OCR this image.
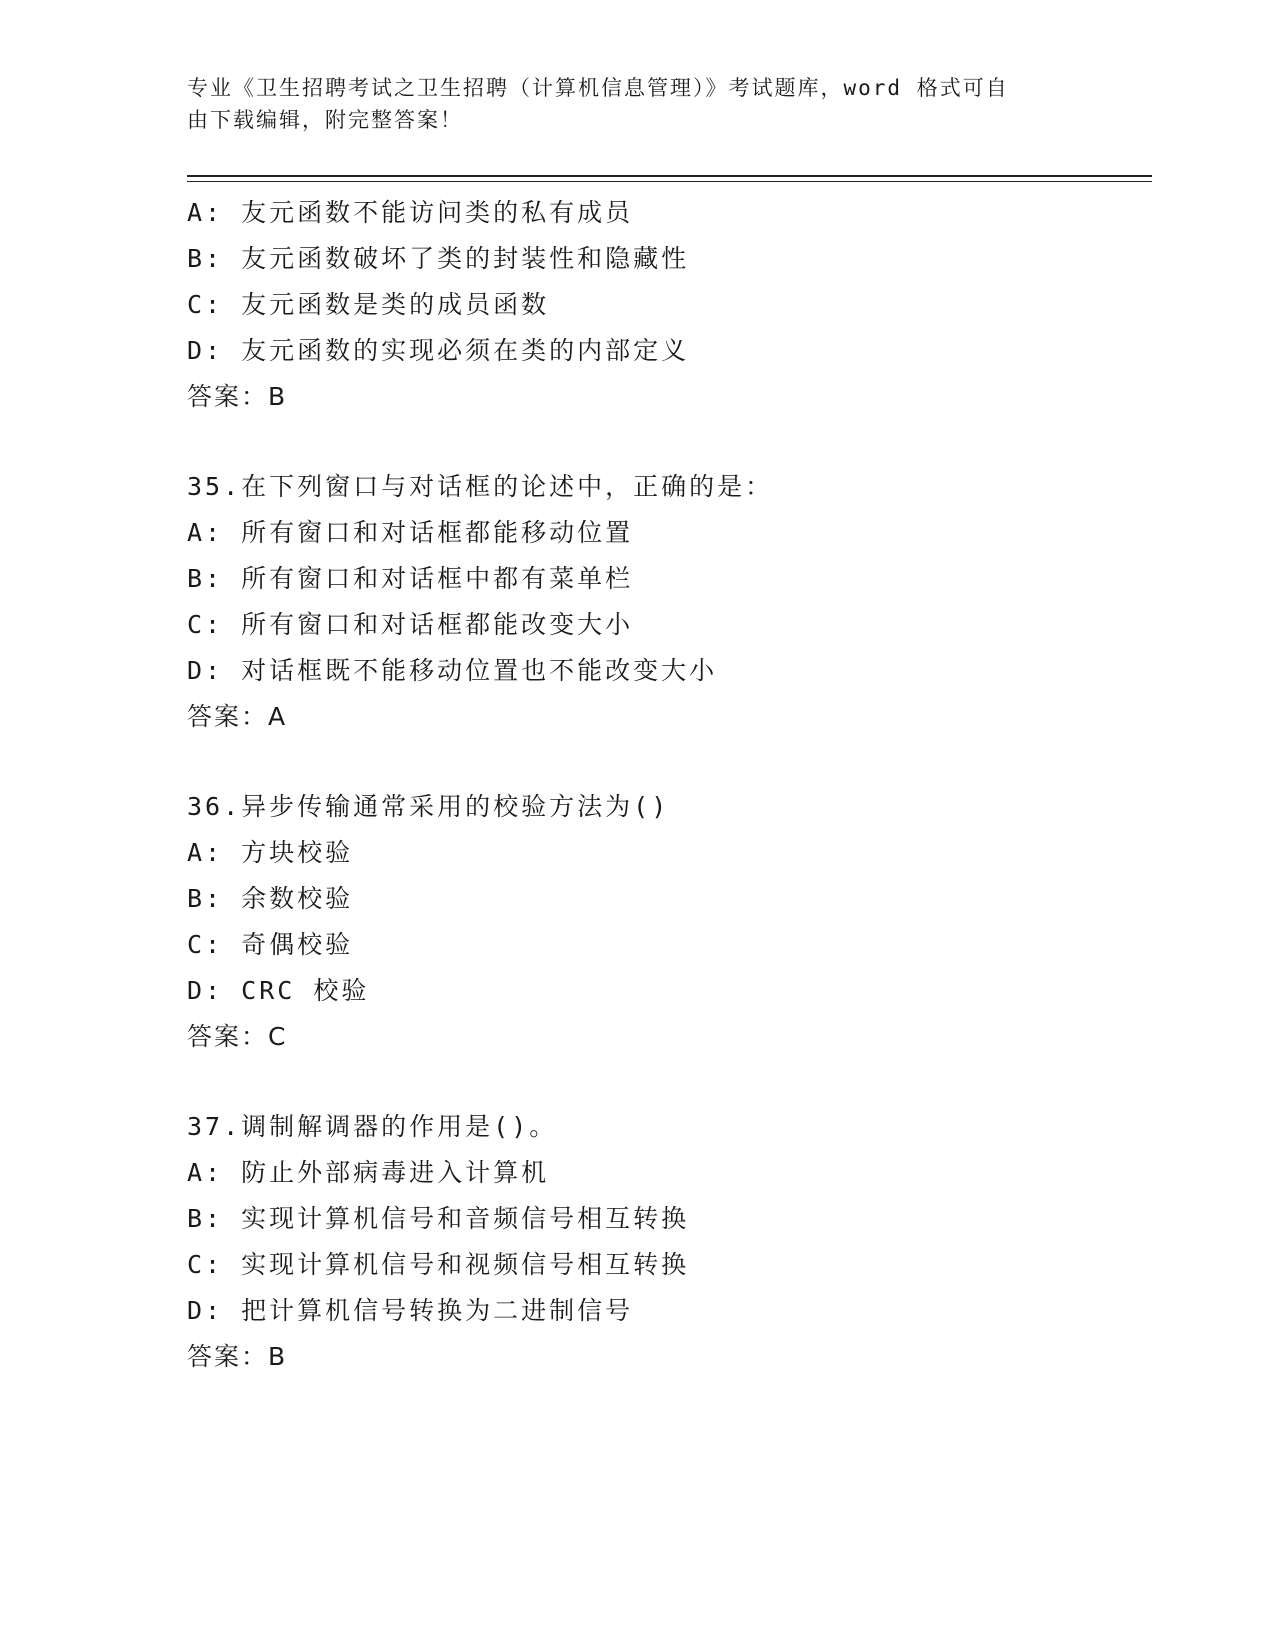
专业《卫生招聘考试之卫生招聘（计算机信息管理）》考试题库，word 格式可自
由下载编辑，附完整答案！
A: 友元函数不能访问类的私有成员
B: 友元函数破坏了类的封装性和隐藏性
C: 友元函数是类的成员函数
D: 友元函数的实现必须在类的内部定义
答案：B
35.在下列窗口与对话框的论述中，正确的是：
A: 所有窗口和对话框都能移动位置
B: 所有窗口和对话框中都有菜单栏
C: 所有窗口和对话框都能改变大小
D: 对话框既不能移动位置也不能改变大小
答案：A
36.异步传输通常采用的校验方法为()
A: 方块校验
B: 余数校验
C: 奇偶校验
D: CRC 校验
答案：C
37.调制解调器的作用是()。
A: 防止外部病毒进入计算机
B: 实现计算机信号和音频信号相互转换
C: 实现计算机信号和视频信号相互转换
D: 把计算机信号转换为二进制信号
答案：B
